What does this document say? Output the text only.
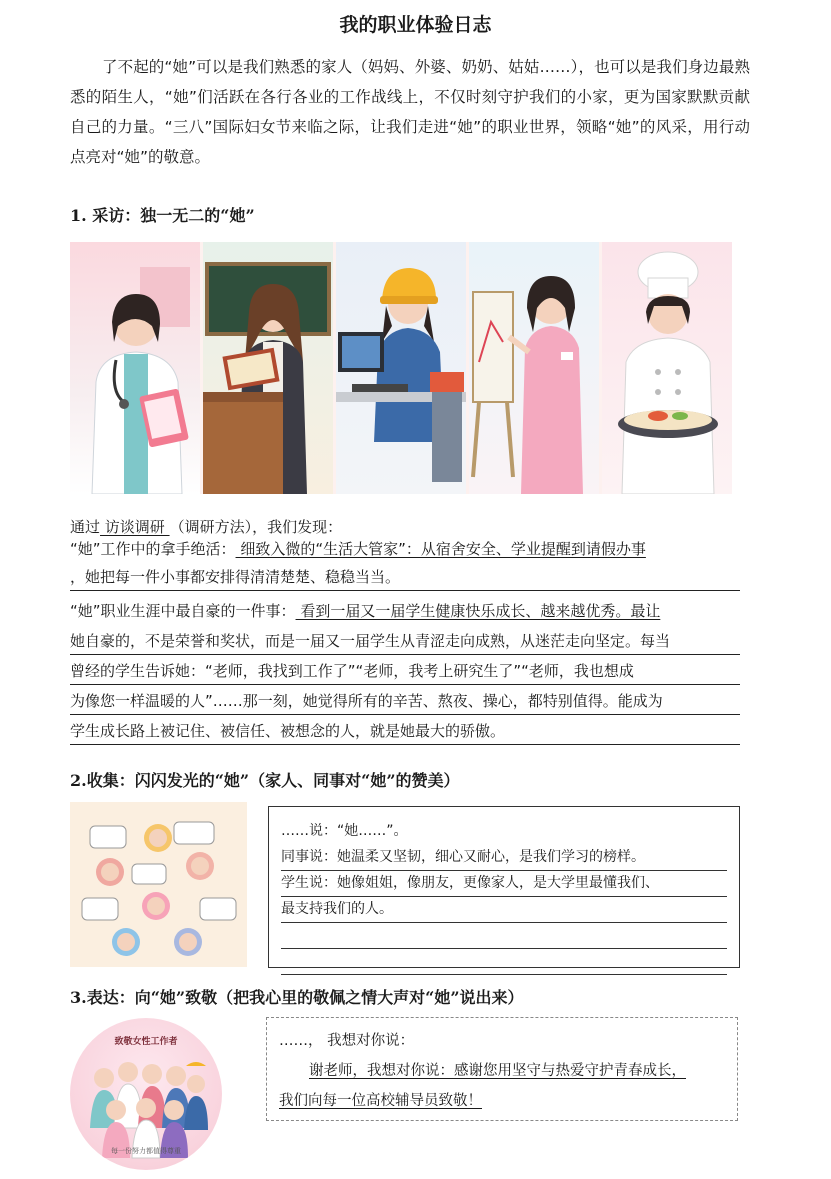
我的职业体验日志
了不起的“她”可以是我们熟悉的家人（妈妈、外婆、奶奶、姑姑……），也可以是我们身边最熟悉的陌生人，“她”们活跃在各行各业的工作战线上，不仅时刻守护我们的小家，更为国家默默贡献自己的力量。“三八”国际妇女节来临之际，让我们走进“她”的职业世界，领略“她”的风采，用行动点亮对“她”的敬意。
1. 采访：独一无二的“她”
通过 访谈调研 （调研方法），我们发现：
“她”工作中的拿手绝活： 细致入微的“生活大管家”：从宿舍安全、学业提醒到请假办事
，她把每一件小事都安排得清清楚楚、稳稳当当。
“她”职业生涯中最自豪的一件事： 看到一届又一届学生健康快乐成长、越来越优秀。最让
她自豪的，不是荣誉和奖状，而是一届又一届学生从青涩走向成熟，从迷茫走向坚定。每当
曾经的学生告诉她：“老师，我找到工作了”“老师，我考上研究生了”“老师，我也想成
为像您一样温暖的人”……那一刻，她觉得所有的辛苦、熬夜、操心，都特别值得。能成为
学生成长路上被记住、被信任、被想念的人，就是她最大的骄傲。
2.收集：闪闪发光的“她”（家人、同事对“她”的赞美）
……说：“她……”。
同事说：她温柔又坚韧，细心又耐心，是我们学习的榜样。
学生说：她像姐姐，像朋友，更像家人，是大学里最懂我们、
最支持我们的人。
3.表达：向“她”致敬（把我心里的敬佩之情大声对“她”说出来）
致敬女性工作者
每一份努力都值得尊重
……， 我想对你说：
谢老师，我想对你说：感谢您用坚守与热爱守护青春成长，
我们向每一位高校辅导员致敬！
